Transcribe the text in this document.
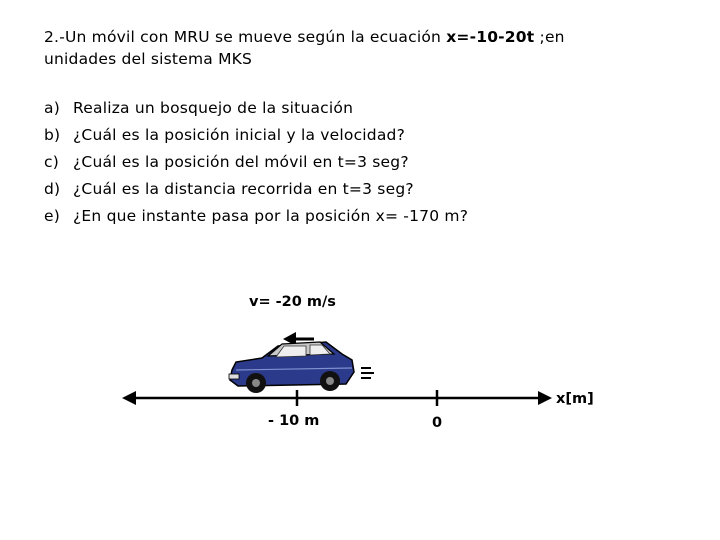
2.-Un móvil con MRU se mueve según la ecuación x=-10-20t ;en
unidades del sistema MKS
a) Realiza un bosquejo de la situación
b) ¿Cuál es la posición inicial y la velocidad?
c) ¿Cuál es la posición del móvil en t=3 seg?
d) ¿Cuál es la distancia recorrida en t=3 seg?
e) ¿En que instante pasa por la posición x= -170 m?
v= -20 m/s
x[m]
- 10 m	0
